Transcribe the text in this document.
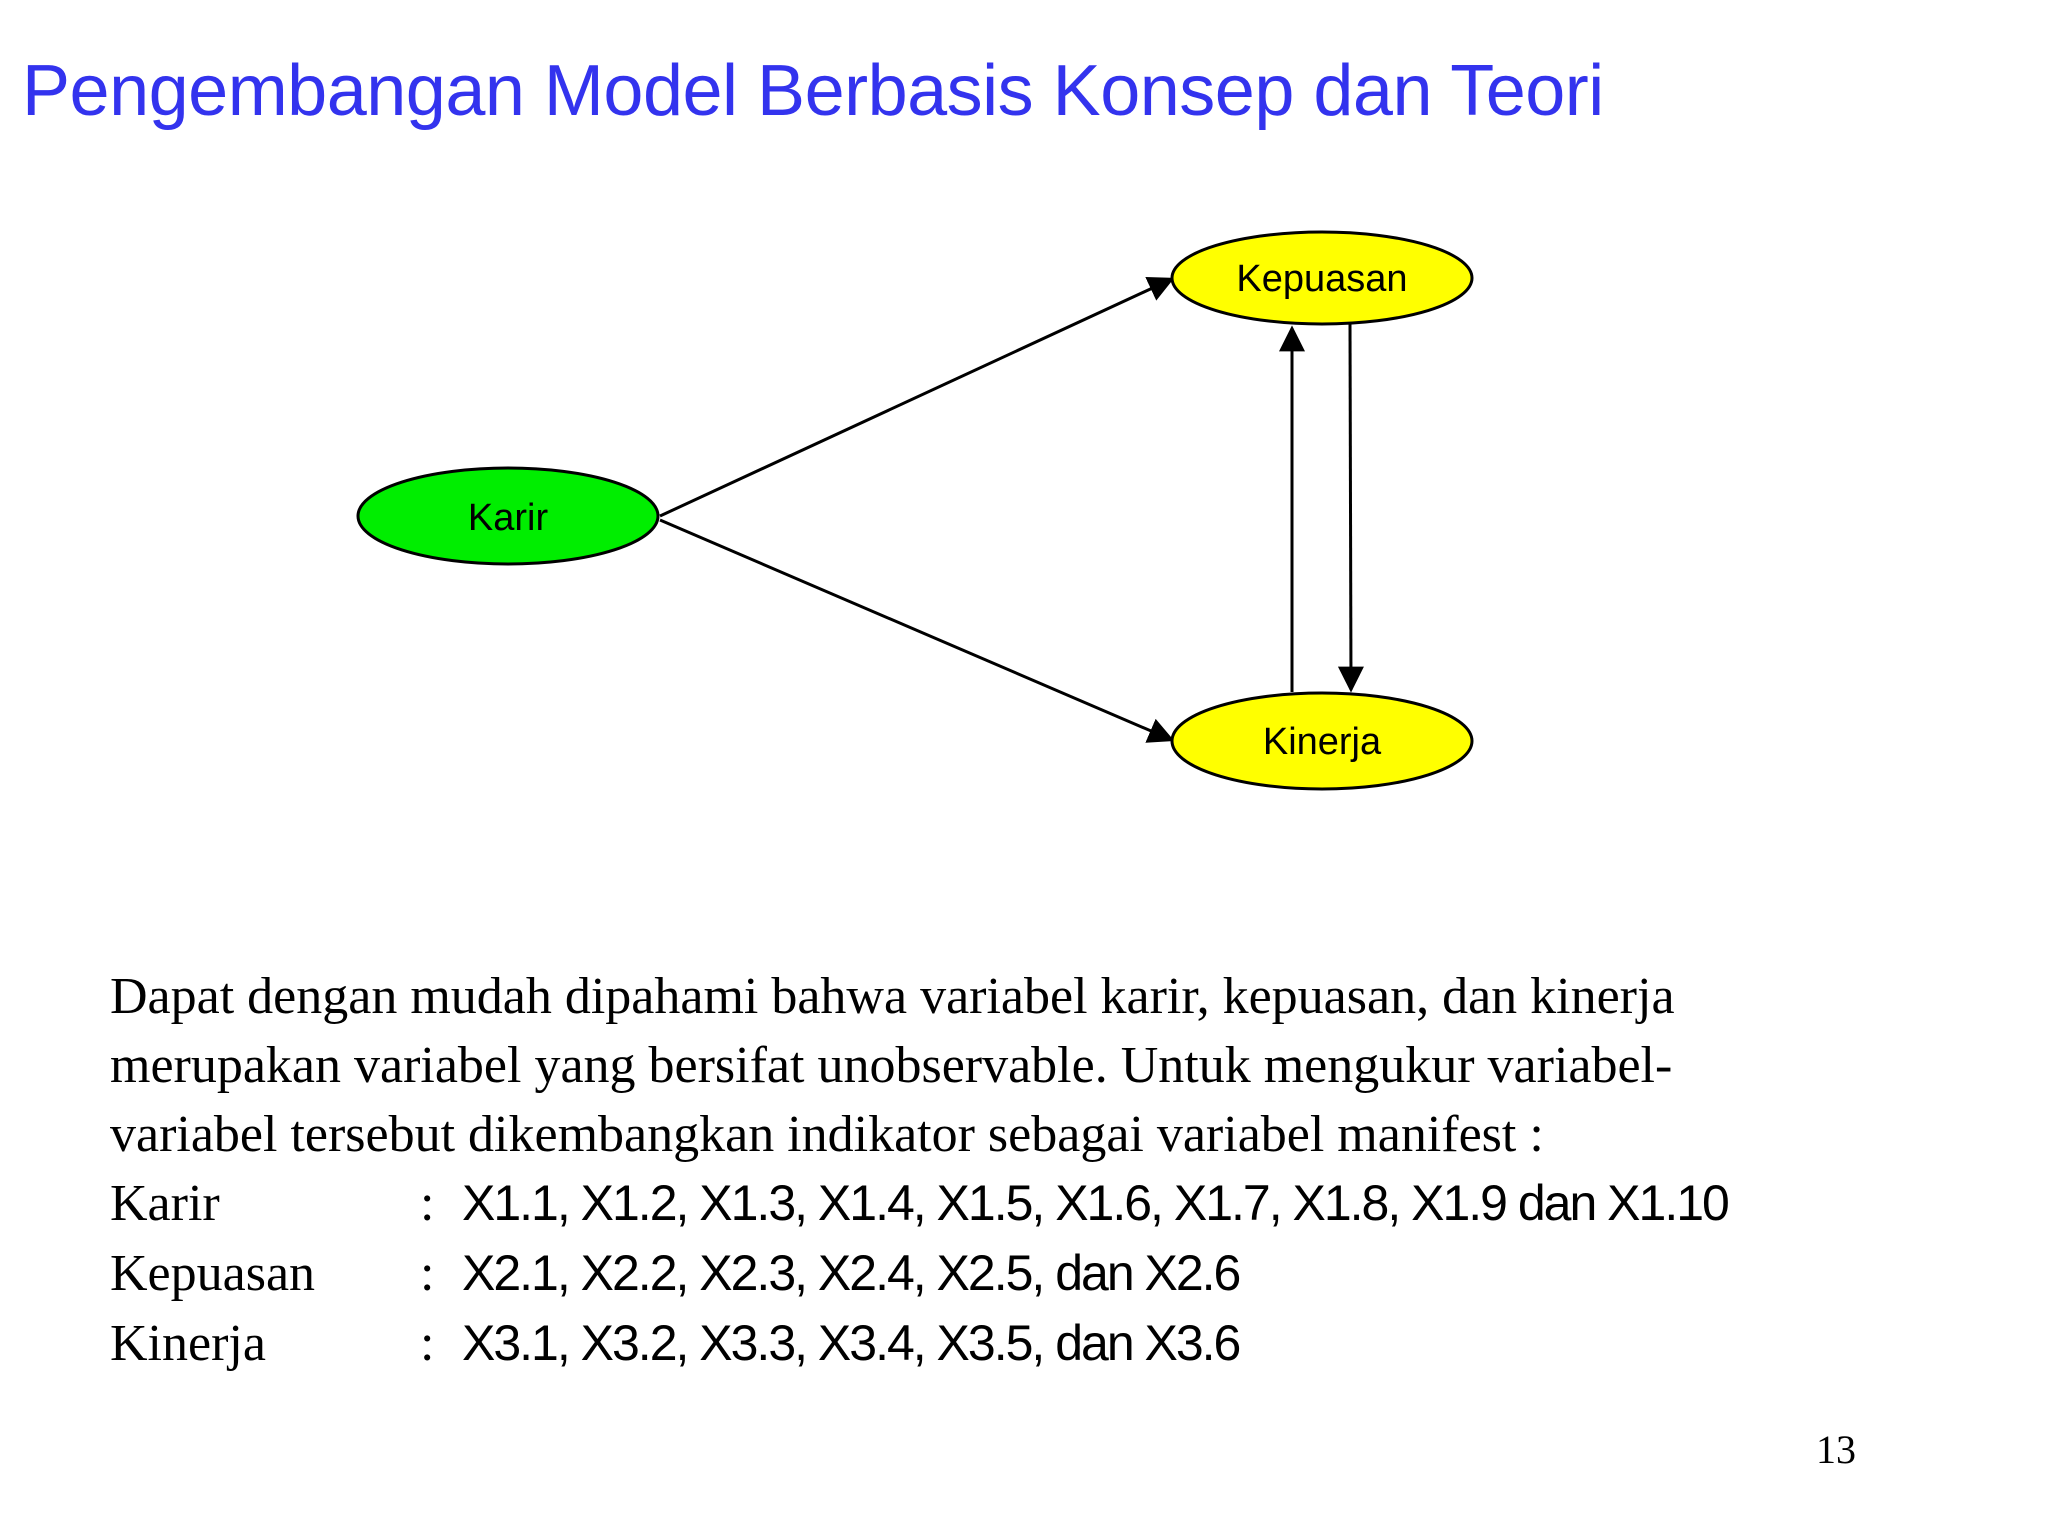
Pengembangan Model Berbasis Konsep dan Teori
Karir
Kepuasan
Kinerja

Dapat dengan mudah dipahami bahwa variabel karir, kepuasan, dan kinerja
merupakan variabel yang bersifat unobservable. Untuk mengukur variabel-
variabel tersebut dikembangkan indikator sebagai variabel manifest :

Karir	: X1.1, X1.2, X1.3, X1.4, X1.5, X1.6, X1.7, X1.8, X1.9 dan X1.10
Kepuasan	: X2.1, X2.2, X2.3, X2.4, X2.5, dan X2.6
Kinerja	: X3.1, X3.2, X3.3, X3.4, X3.5, dan X3.6
13
